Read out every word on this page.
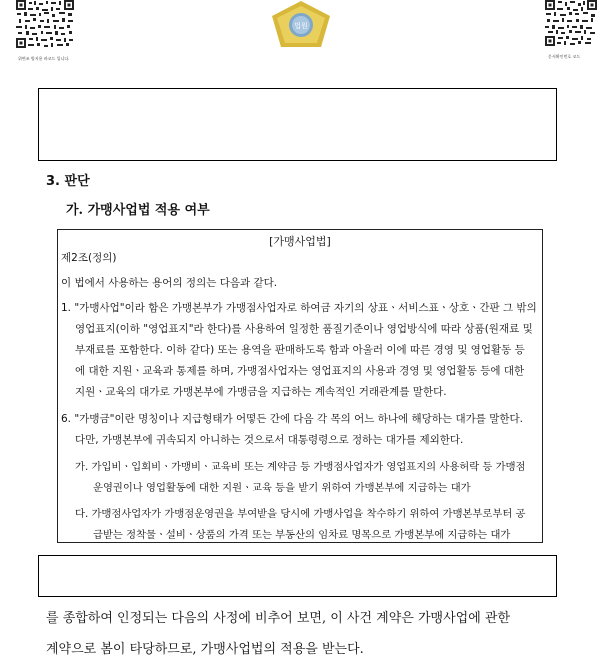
위변조 방지용 바코드 입니다.
법원
문서확인번호 코드
3. 판단
가. 가맹사업법 적용 여부
[가맹사업법]
제2조(정의)
이 법에서 사용하는 용어의 정의는 다음과 같다.
1. "가맹사업"이라 함은 가맹본부가 가맹점사업자로 하여금 자기의 상표ㆍ서비스표ㆍ상호ㆍ간판 그 밖의
영업표지(이하 "영업표지"라 한다)를 사용하여 일정한 품질기준이나 영업방식에 따라 상품(원재료 및
부재료를 포함한다. 이하 같다) 또는 용역을 판매하도록 함과 아울러 이에 따른 경영 및 영업활동 등
에 대한 지원ㆍ교육과 통제를 하며, 가맹점사업자는 영업표지의 사용과 경영 및 영업활동 등에 대한
지원ㆍ교육의 대가로 가맹본부에 가맹금을 지급하는 계속적인 거래관계를 말한다.
6. "가맹금"이란 명칭이나 지급형태가 어떻든 간에 다음 각 목의 어느 하나에 해당하는 대가를 말한다.
다만, 가맹본부에 귀속되지 아니하는 것으로서 대통령령으로 정하는 대가를 제외한다.
가. 가입비ㆍ입회비ㆍ가맹비ㆍ교육비 또는 계약금 등 가맹점사업자가 영업표지의 사용허락 등 가맹점
운영권이나 영업활동에 대한 지원ㆍ교육 등을 받기 위하여 가맹본부에 지급하는 대가
다. 가맹점사업자가 가맹점운영권을 부여받을 당시에 가맹사업을 착수하기 위하여 가맹본부로부터 공
급받는 정착물ㆍ설비ㆍ상품의 가격 또는 부동산의 임차료 명목으로 가맹본부에 지급하는 대가
를 종합하여 인정되는 다음의 사정에 비추어 보면, 이 사건 계약은 가맹사업에 관한
계약으로 봄이 타당하므로, 가맹사업법의 적용을 받는다.
